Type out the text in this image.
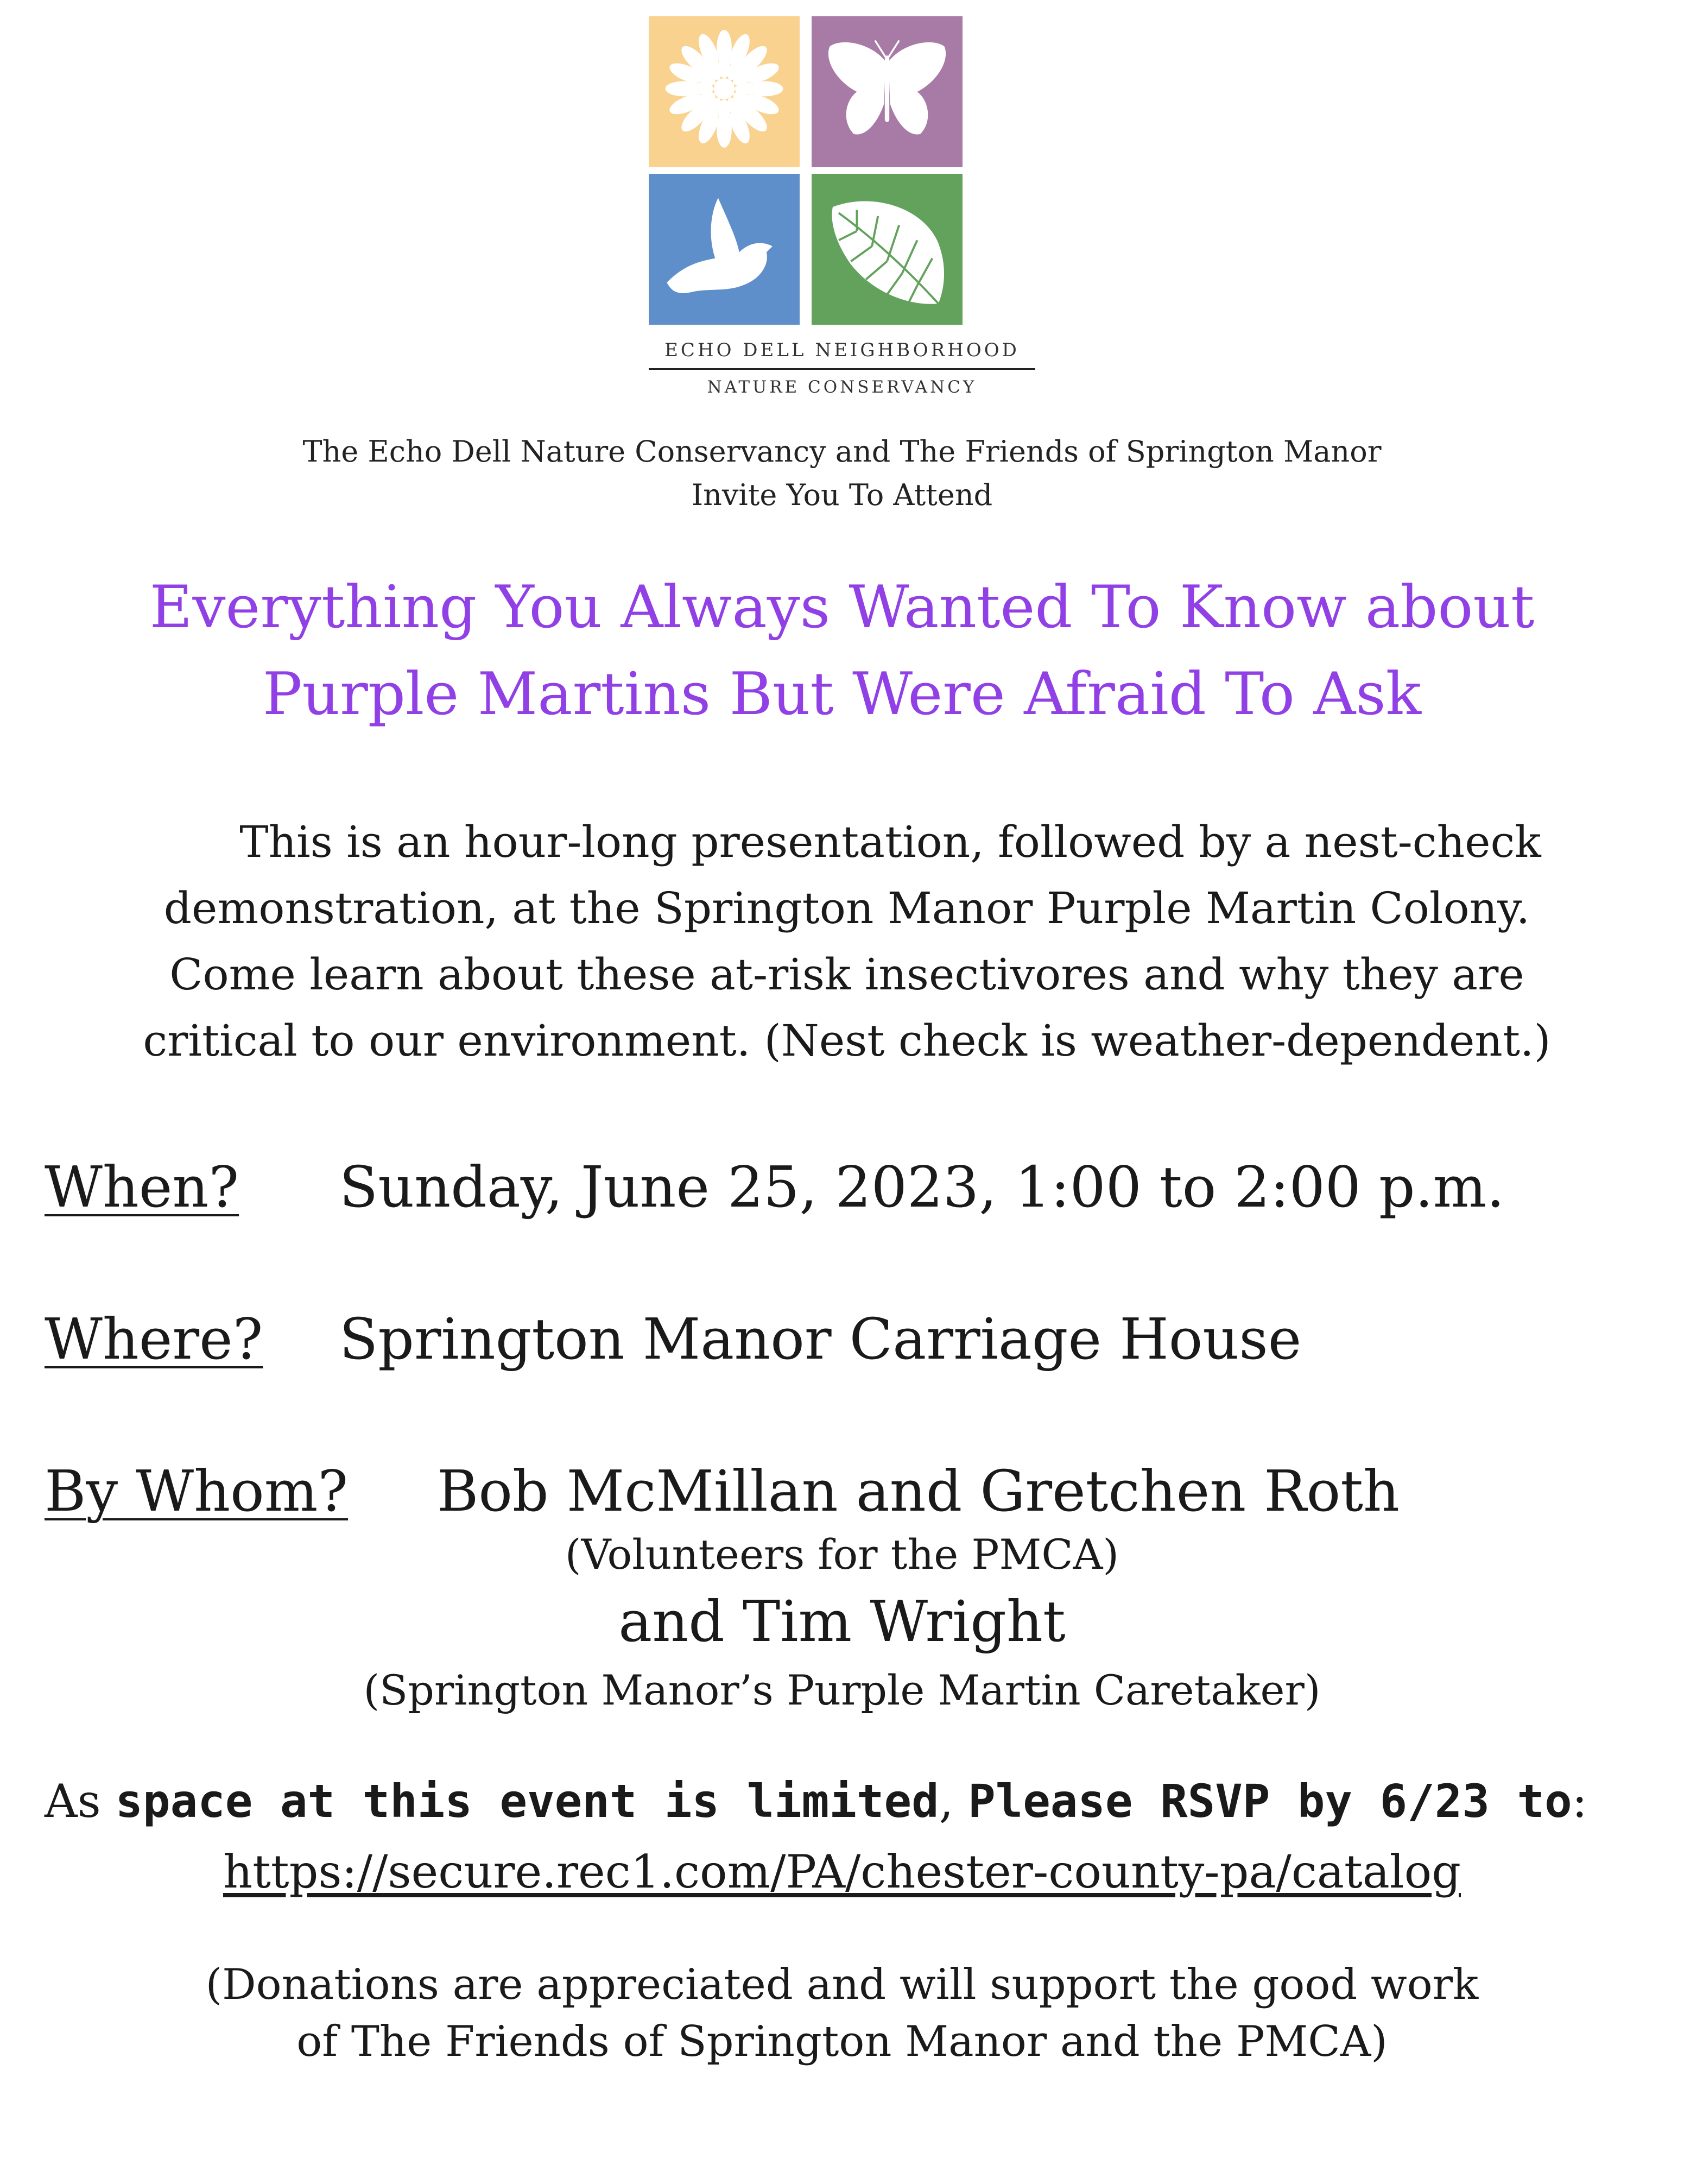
ECHO DELL NEIGHBORHOOD
NATURE CONSERVANCY
The Echo Dell Nature Conservancy and The Friends of Springton Manor
Invite You To Attend
Everything You Always Wanted To Know about
Purple Martins But Were Afraid To Ask
This is an hour-long presentation, followed by a nest-check
demonstration, at the Springton Manor Purple Martin Colony.
Come learn about these at-risk insectivores and why they are
critical to our environment. (Nest check is weather-dependent.)
When? Sunday, June 25, 2023, 1:00 to 2:00 p.m.
Where? Springton Manor Carriage House
By Whom? Bob McMillan and Gretchen Roth
(Volunteers for the PMCA)
and Tim Wright
(Springton Manor’s Purple Martin Caretaker)
As space at this event is limited, Please RSVP by 6/23 to:
https://secure.rec1.com/PA/chester-county-pa/catalog
(Donations are appreciated and will support the good work
of The Friends of Springton Manor and the PMCA)
